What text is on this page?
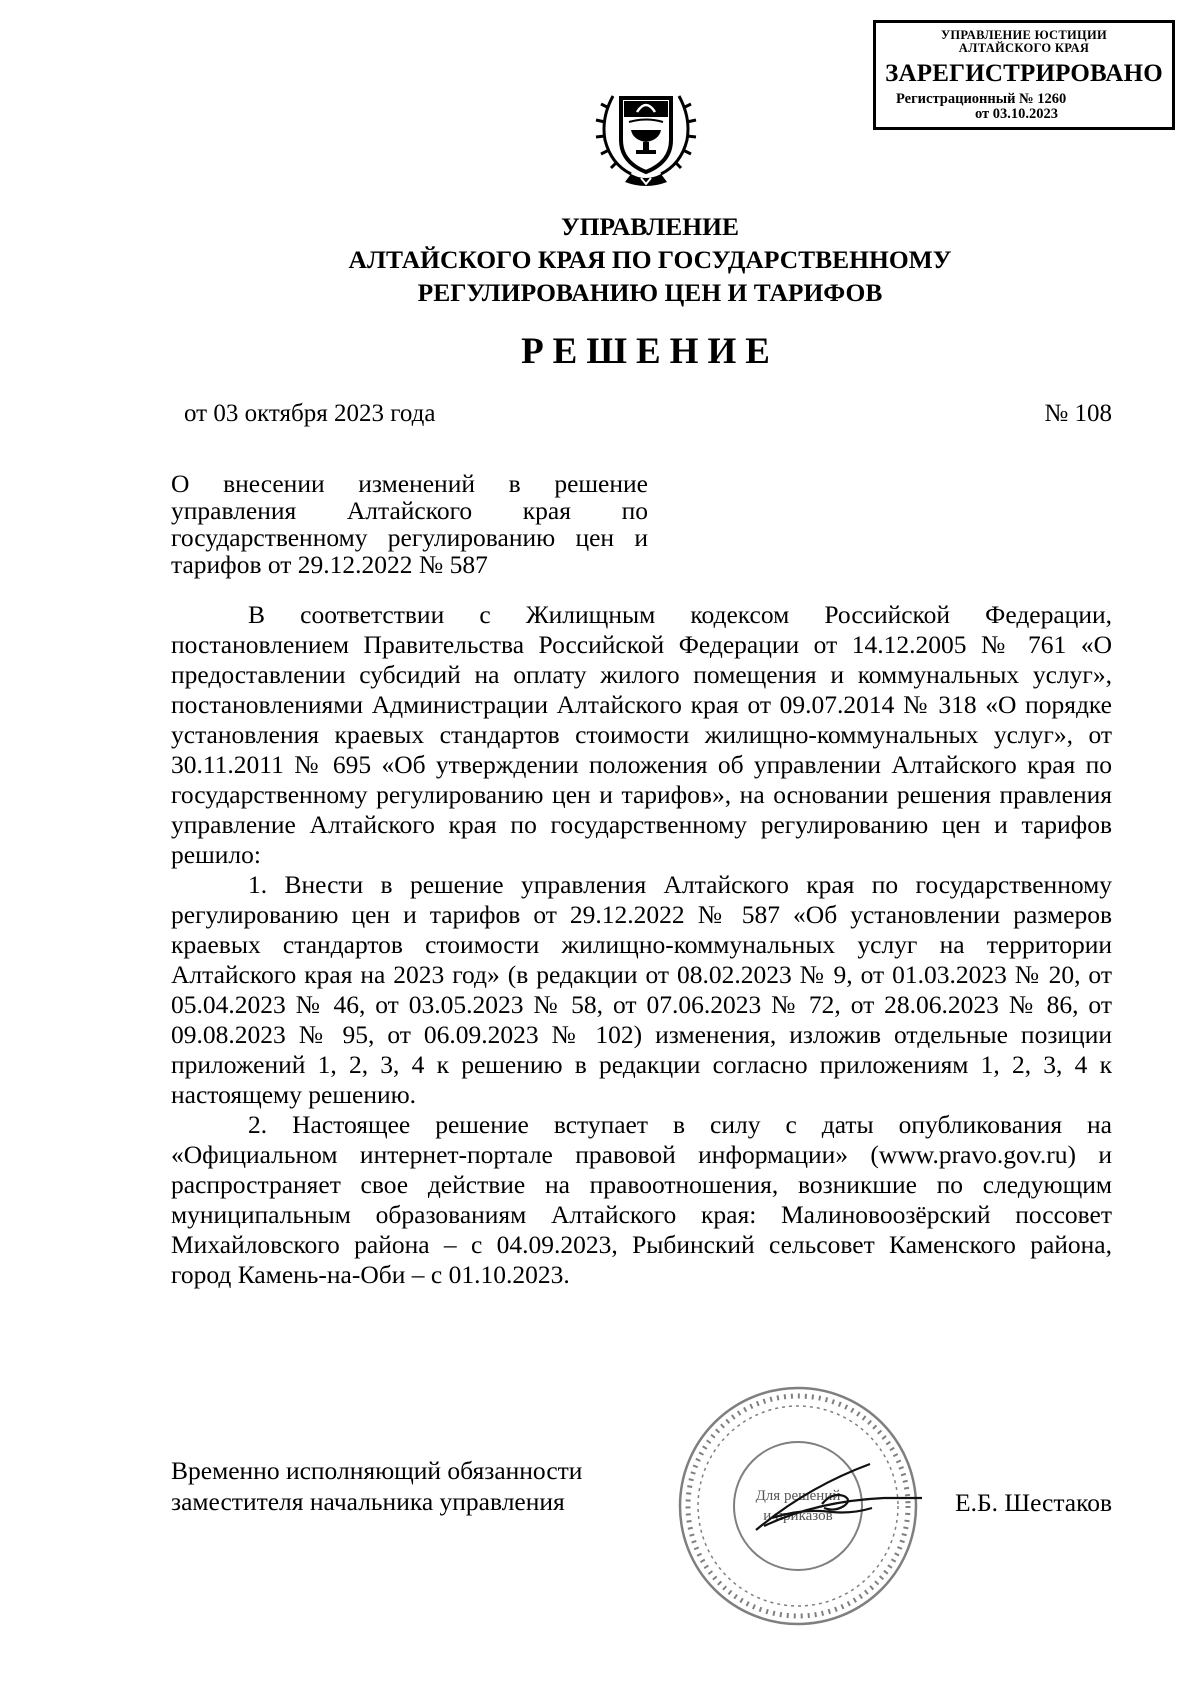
УПРАВЛЕНИЕ ЮСТИЦИИ
АЛТАЙСКОГО КРАЯ
ЗАРЕГИСТРИРОВАНО
Регистрационный № 1260
от 03.10.2023
УПРАВЛЕНИЕ
АЛТАЙСКОГО КРАЯ ПО ГОСУДАРСТВЕННОМУ
РЕГУЛИРОВАНИЮ ЦЕН И ТАРИФОВ
РЕШЕНИЕ
от 03 октября 2023 года	№ 108
О внесении изменений в решение
управления Алтайского края по
государственному регулированию цен и
тарифов от 29.12.2022 № 587

В соответствии с Жилищным кодексом Российской Федерации, постановлением Правительства Российской Федерации от 14.12.2005 № 761 «О предоставлении субсидий на оплату жилого помещения и коммунальных услуг», постановлениями Администрации Алтайского края от 09.07.2014 № 318 «О порядке установления краевых стандартов стоимости жилищно-коммунальных услуг», от 30.11.2011 № 695 «Об утверждении положения об управлении Алтайского края по государственному регулированию цен и тарифов», на основании решения правления управление Алтайского края по государственному регулированию цен и тарифов решило:

1. Внести в решение управления Алтайского края по государственному регулированию цен и тарифов от 29.12.2022 № 587 «Об установлении размеров краевых стандартов стоимости жилищно-коммунальных услуг на территории Алтайского края на 2023 год» (в редакции от 08.02.2023 № 9, от 01.03.2023 № 20, от 05.04.2023 № 46, от 03.05.2023 № 58, от 07.06.2023 № 72, от 28.06.2023 № 86, от 09.08.2023 № 95, от 06.09.2023 № 102) изменения, изложив отдельные позиции приложений 1, 2, 3, 4 к решению в редакции согласно приложениям 1, 2, 3, 4 к настоящему решению.

2. Настоящее решение вступает в силу с даты опубликования на «Официальном интернет-портале правовой информации» (www.pravo.gov.ru) и распространяет свое действие на правоотношения, возникшие по следующим муниципальным образованиям Алтайского края: Малиновоозёрский поссовет Михайловского района – с 04.09.2023, Рыбинский сельсовет Каменского района, город Камень-на-Оби – с 01.10.2023.

Временно исполняющий обязанности
заместителя начальника управления	Для решений
и приказов	Е.Б. Шестаков
